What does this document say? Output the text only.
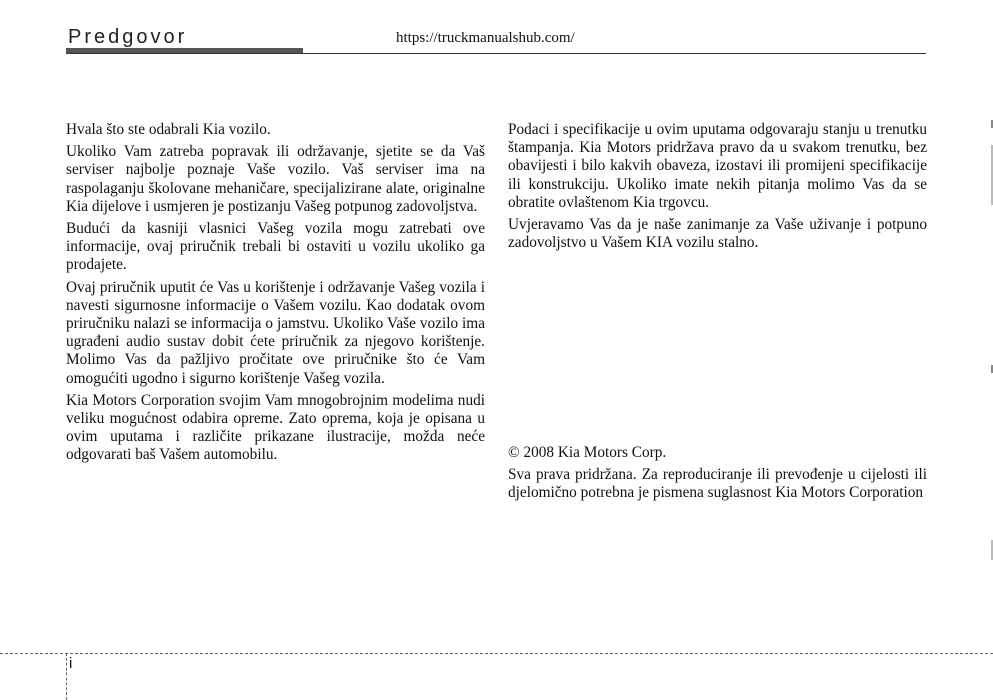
Predgovor	https://truckmanualshub.com/

Hvala što ste odabrali Kia vozilo.

Ukoliko Vam zatreba popravak ili održavanje, sjetite se da Vaš serviser najbolje poznaje Vaše vozilo. Vaš serviser ima na raspolaganju školovane mehaničare, specijalizirane alate, originalne Kia dijelove i usmjeren je postizanju Vašeg potpunog zadovoljstva.

Budući da kasniji vlasnici Vašeg vozila mogu zatrebati ove informacije, ovaj priručnik trebali bi ostaviti u vozilu ukoliko ga prodajete.

Ovaj priručnik uputit će Vas u korištenje i održavanje Vašeg vozila i navesti sigurnosne informacije o Vašem vozilu. Kao dodatak ovom priručniku nalazi se informacija o jamstvu. Ukoliko Vaše vozilo ima ugrađeni audio sustav dobit ćete priručnik za njegovo korištenje. Molimo Vas da pažljivo pročitate ove priručnike što će Vam omogućiti ugodno i sigurno korištenje Vašeg vozila.

Kia Motors Corporation svojim Vam mnogobrojnim modelima nudi veliku mogućnost odabira opreme. Zato oprema, koja je opisana u ovim uputama i različite prikazane ilustracije, možda neće odgovarati baš Vašem automobilu.

Podaci i specifikacije u ovim uputama odgovaraju stanju u trenutku štampanja. Kia Motors pridržava pravo da u svakom trenutku, bez obavijesti i bilo kakvih obaveza, izostavi ili promijeni specifikacije ili konstrukciju. Ukoliko imate nekih pitanja molimo Vas da se obratite ovlaštenom Kia trgovcu.

Uvjeravamo Vas da je naše zanimanje za Vaše uživanje i potpuno zadovoljstvo u Vašem KIA vozilu stalno.

© 2008 Kia Motors Corp.

Sva prava pridržana. Za reproduciranje ili prevođenje u cijelosti ili djelomično potrebna je pismena suglasnost Kia Motors Corporation

i
